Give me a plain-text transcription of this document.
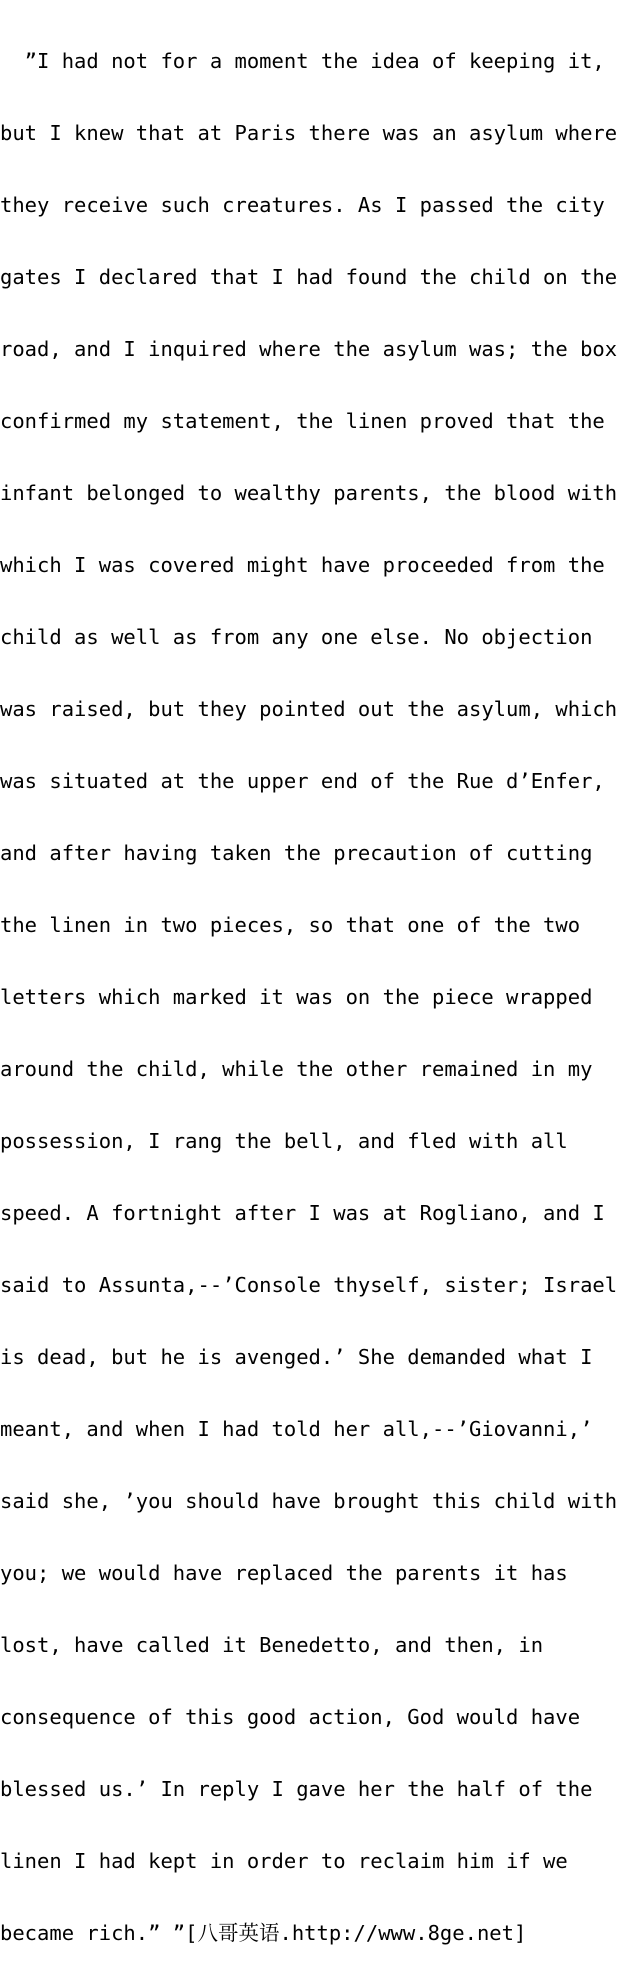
”I had not for a moment the idea of keeping it,

but I knew that at Paris there was an asylum where

they receive such creatures. As I passed the city

gates I declared that I had found the child on the

road, and I inquired where the asylum was; the box

confirmed my statement, the linen proved that the

infant belonged to wealthy parents, the blood with

which I was covered might have proceeded from the

child as well as from any one else. No objection

was raised, but they pointed out the asylum, which

was situated at the upper end of the Rue d’Enfer,

and after having taken the precaution of cutting

the linen in two pieces, so that one of the two

letters which marked it was on the piece wrapped

around the child, while the other remained in my

possession, I rang the bell, and fled with all

speed. A fortnight after I was at Rogliano, and I

said to Assunta,--’Console thyself, sister; Israel

is dead, but he is avenged.’ She demanded what I

meant, and when I had told her all,--’Giovanni,’

said she, ’you should have brought this child with

you; we would have replaced the parents it has

lost, have called it Benedetto, and then, in

consequence of this good action, God would have

blessed us.’ In reply I gave her the half of the

linen I had kept in order to reclaim him if we

became rich.” ”[八哥英语.http://www.8ge.net]
